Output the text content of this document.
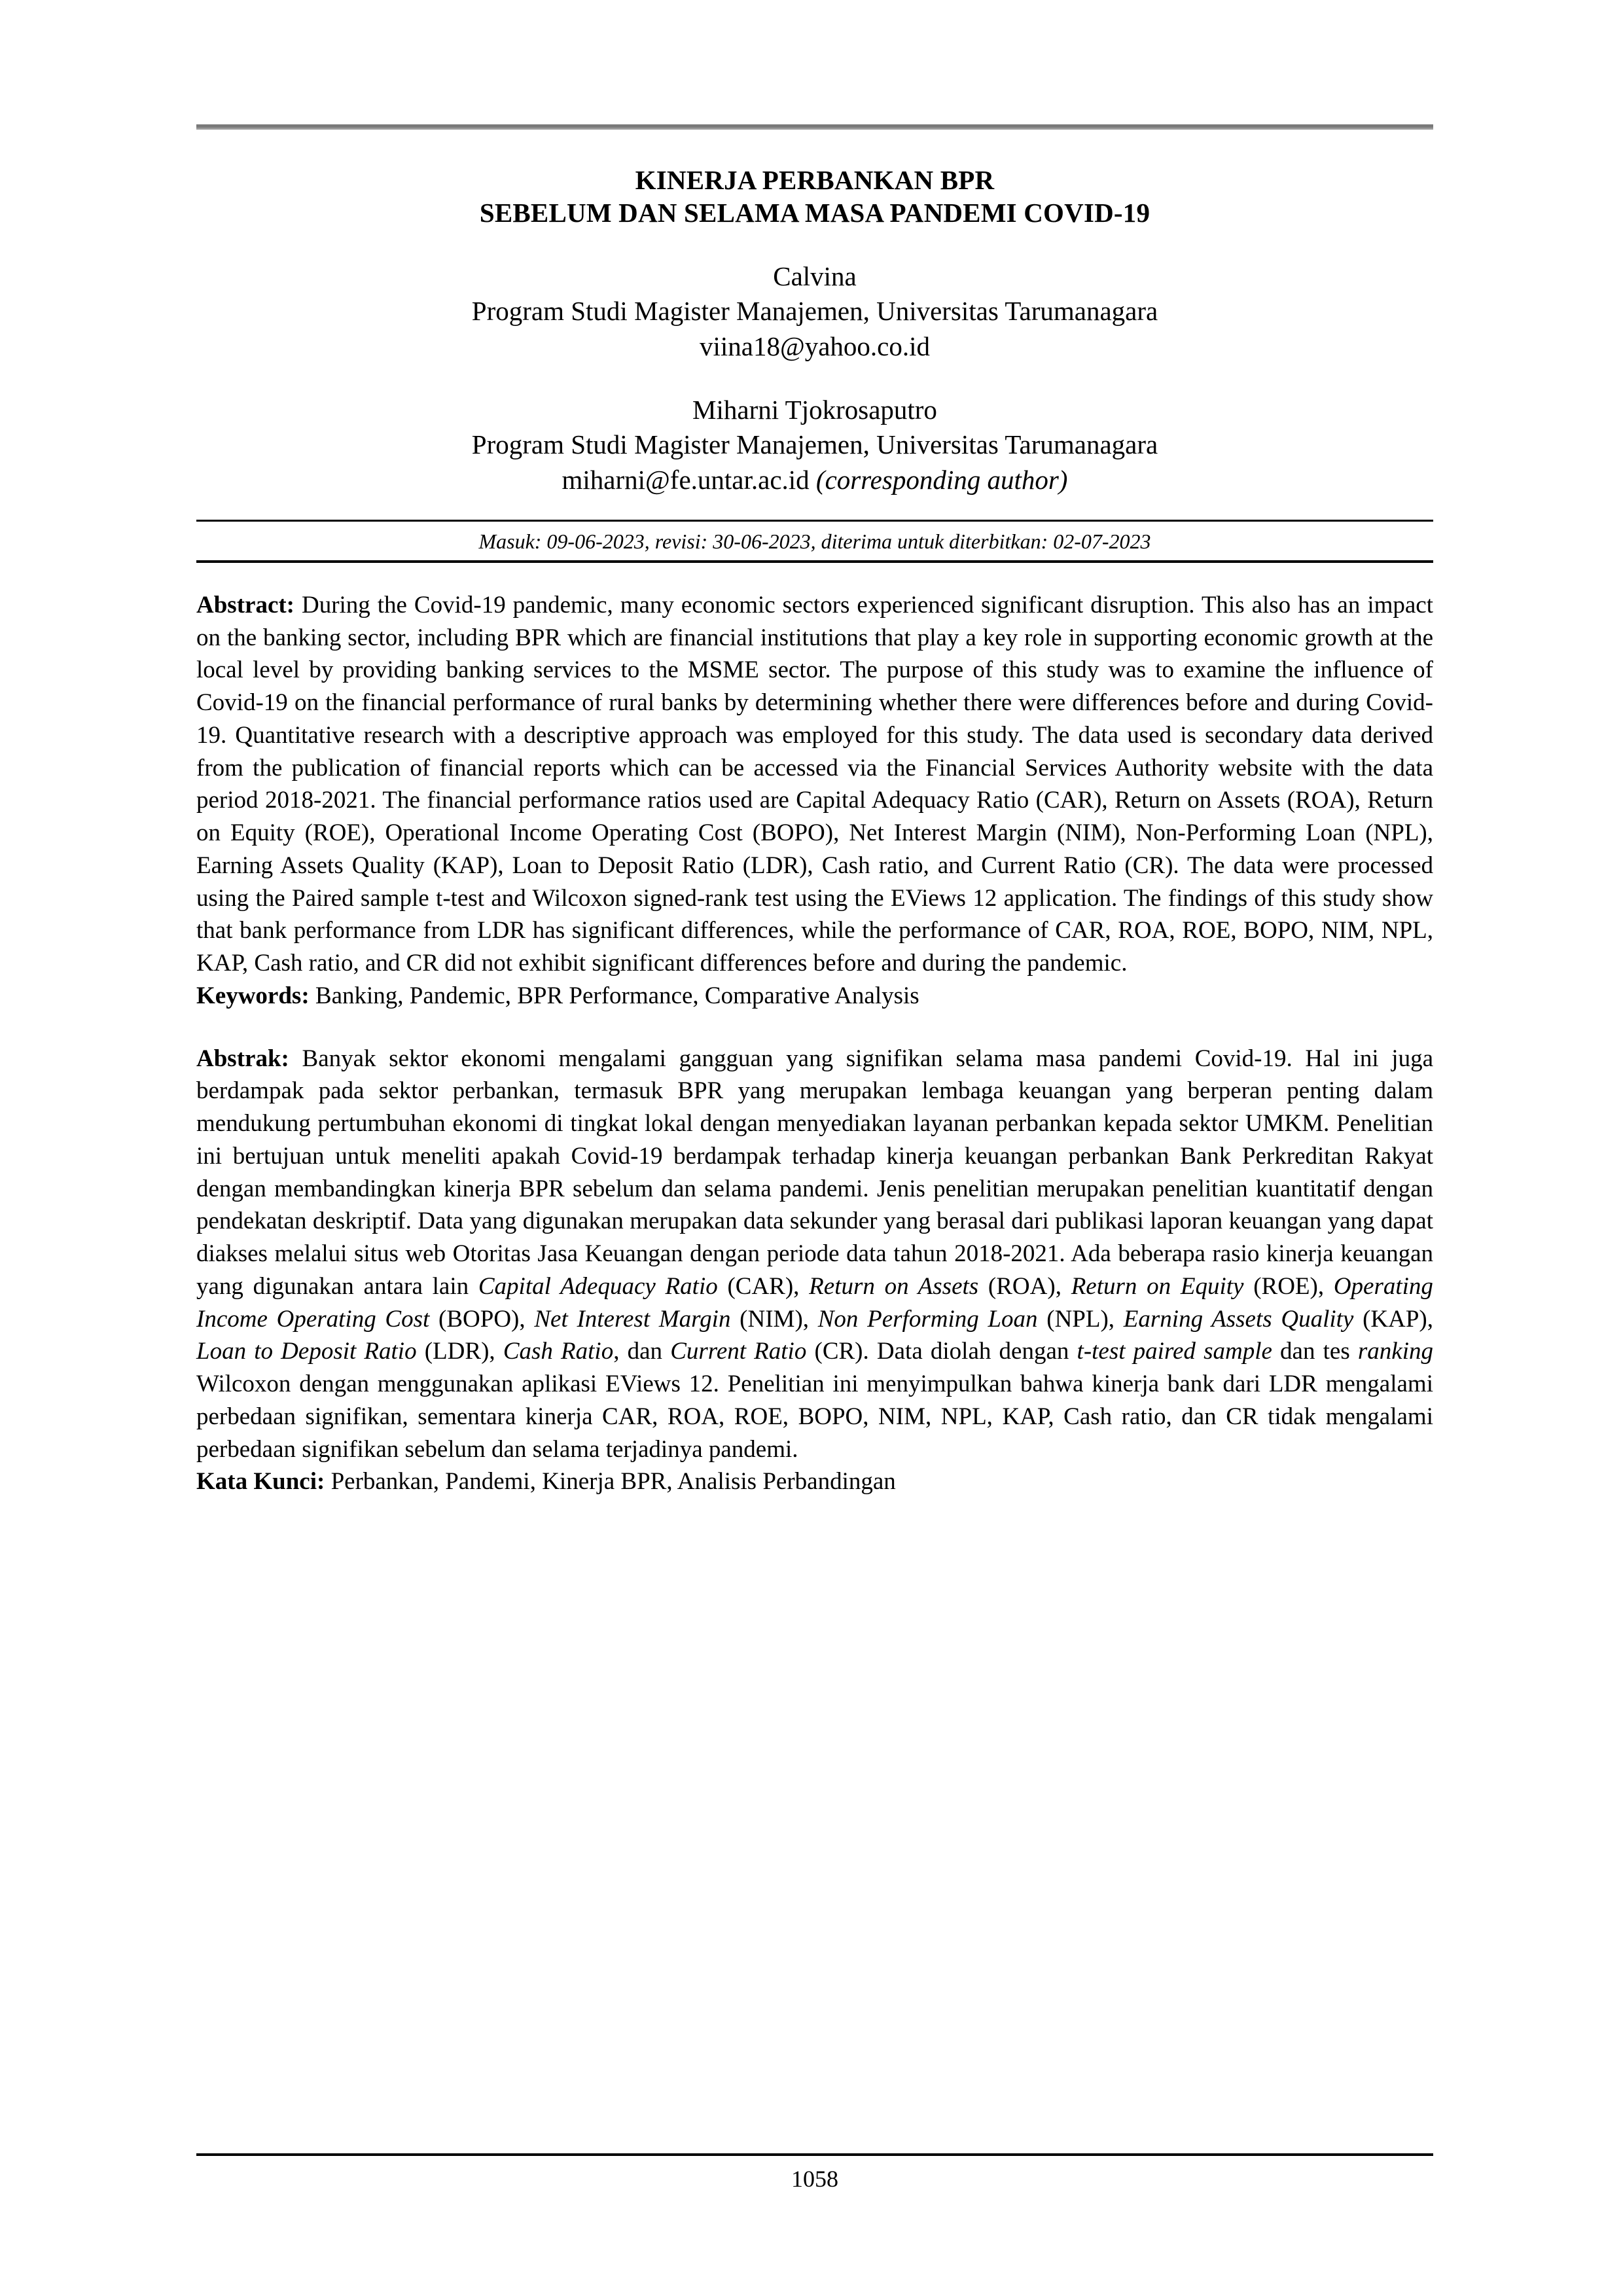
KINERJA PERBANKAN BPR
SEBELUM DAN SELAMA MASA PANDEMI COVID-19
Calvina
Program Studi Magister Manajemen, Universitas Tarumanagara
viina18@yahoo.co.id
Miharni Tjokrosaputro
Program Studi Magister Manajemen, Universitas Tarumanagara
miharni@fe.untar.ac.id (corresponding author)
Masuk: 09-06-2023, revisi: 30-06-2023, diterima untuk diterbitkan: 02-07-2023

Abstract: During the Covid-19 pandemic, many economic sectors experienced significant disruption. This also has an impact on the banking sector, including BPR which are financial institutions that play a key role in supporting economic growth at the local level by providing banking services to the MSME sector. The purpose of this study was to examine the influence of Covid-19 on the financial performance of rural banks by determining whether there were differences before and during Covid-19. Quantitative research with a descriptive approach was employed for this study. The data used is secondary data derived from the publication of financial reports which can be accessed via the Financial Services Authority website with the data period 2018-2021. The financial performance ratios used are Capital Adequacy Ratio (CAR), Return on Assets (ROA), Return on Equity (ROE), Operational Income Operating Cost (BOPO), Net Interest Margin (NIM), Non-Performing Loan (NPL), Earning Assets Quality (KAP), Loan to Deposit Ratio (LDR), Cash ratio, and Current Ratio (CR). The data were processed using the Paired sample t-test and Wilcoxon signed-rank test using the EViews 12 application. The findings of this study show that bank performance from LDR has significant differences, while the performance of CAR, ROA, ROE, BOPO, NIM, NPL, KAP, Cash ratio, and CR did not exhibit significant differences before and during the pandemic.

Keywords: Banking, Pandemic, BPR Performance, Comparative Analysis

Abstrak: Banyak sektor ekonomi mengalami gangguan yang signifikan selama masa pandemi Covid-19. Hal ini juga berdampak pada sektor perbankan, termasuk BPR yang merupakan lembaga keuangan yang berperan penting dalam mendukung pertumbuhan ekonomi di tingkat lokal dengan menyediakan layanan perbankan kepada sektor UMKM. Penelitian ini bertujuan untuk meneliti apakah Covid-19 berdampak terhadap kinerja keuangan perbankan Bank Perkreditan Rakyat dengan membandingkan kinerja BPR sebelum dan selama pandemi. Jenis penelitian merupakan penelitian kuantitatif dengan pendekatan deskriptif. Data yang digunakan merupakan data sekunder yang berasal dari publikasi laporan keuangan yang dapat diakses melalui situs web Otoritas Jasa Keuangan dengan periode data tahun 2018-2021. Ada beberapa rasio kinerja keuangan yang digunakan antara lain Capital Adequacy Ratio (CAR), Return on Assets (ROA), Return on Equity (ROE), Operating Income Operating Cost (BOPO), Net Interest Margin (NIM), Non Performing Loan (NPL), Earning Assets Quality (KAP), Loan to Deposit Ratio (LDR), Cash Ratio, dan Current Ratio (CR). Data diolah dengan t-test paired sample dan tes ranking Wilcoxon dengan menggunakan aplikasi EViews 12. Penelitian ini menyimpulkan bahwa kinerja bank dari LDR mengalami perbedaan signifikan, sementara kinerja CAR, ROA, ROE, BOPO, NIM, NPL, KAP, Cash ratio, dan CR tidak mengalami perbedaan signifikan sebelum dan selama terjadinya pandemi.

Kata Kunci: Perbankan, Pandemi, Kinerja BPR, Analisis Perbandingan

1058
